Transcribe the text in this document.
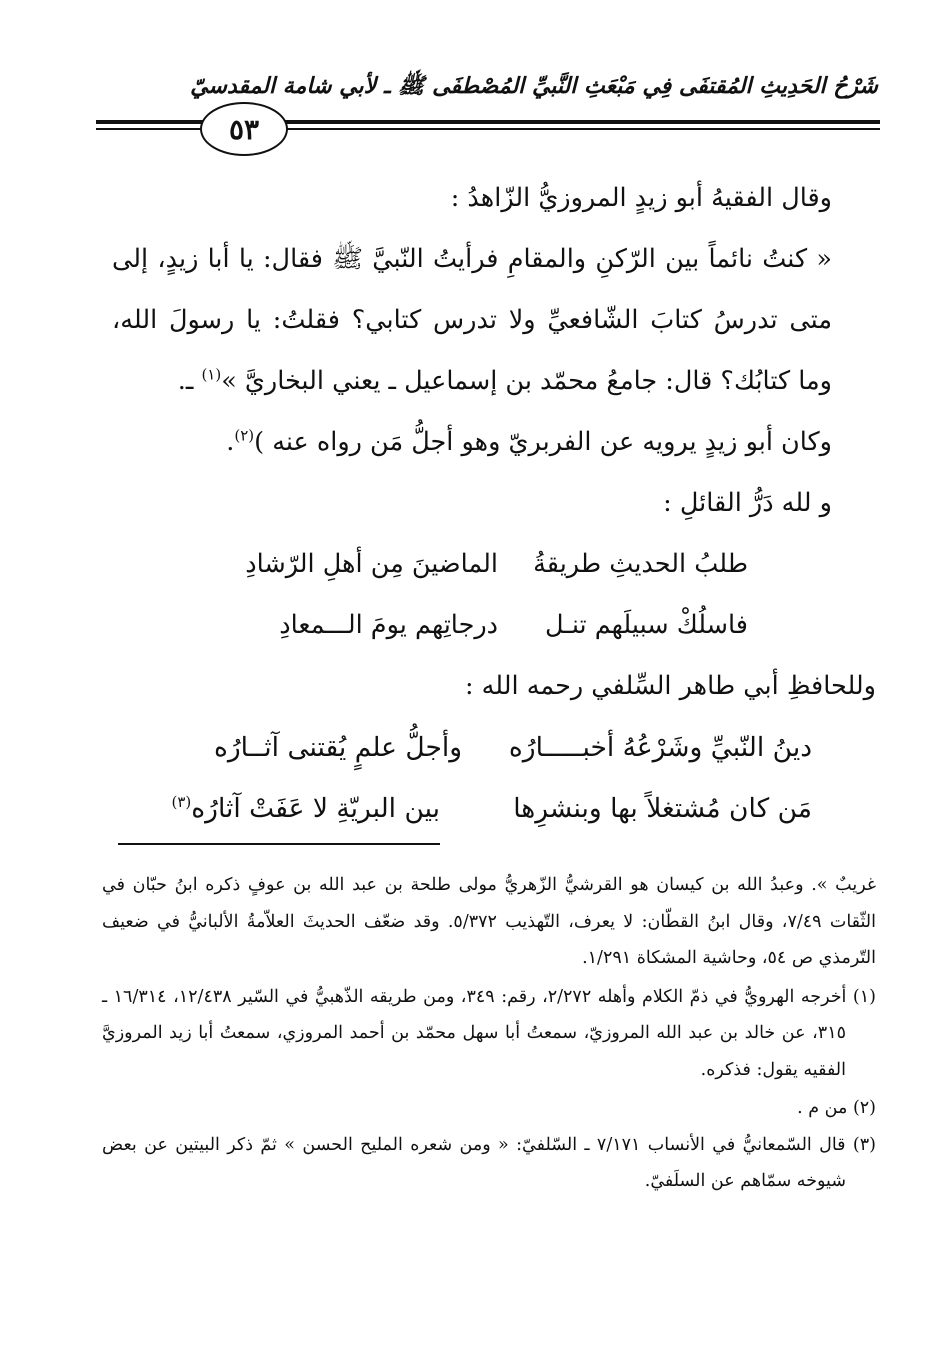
شَرْحُ الحَدِيثِ المُقتفَى فِي مَبْعَثِ النَّبيِّ المُصْطفَى ﷺ ـ لأبي شامة المقدسيّ
٥٣

وقال الفقيهُ أبو زيدٍ المروزيُّ الزّاهدُ :

« كنتُ نائماً بين الرّكنِ والمقامِ فرأيتُ النّبيَّ ﷺ فقال: يا أبا زيدٍ، إلى متى تدرسُ كتابَ الشّافعيِّ ولا تدرس كتابي؟ فقلتُ: يا رسولَ الله، وما كتابُك؟ قال: جامعُ محمّد بن إسماعيل ـ يعني البخاريَّ »$^{(١)}$ ـ.

وكان أبو زيدٍ يرويه عن الفربريّ وهو أجلُّ مَن رواه عنه )$^{(٢)}$.

و لله دَرُّ القائلِ :

طلبُ الحديثِ طريقةُ
الماضينَ مِن أهلِ الرّشادِ
فاسلُكْ سبيلَهم تنـل
درجاتِهم يومَ الـــمعادِ

وللحافظِ أبي طاهر السِّلفي رحمه الله :

دينُ النّبيِّ وشَرْعُهُ أخبـــــارُه
وأجلُّ علمٍ يُقتنى آثــارُه
مَن كان مُشتغلاً بها وبنشرِها
بين البريّةِ لا عَفَتْ آثارُه$^{(٣)}$

غريبٌ ». وعبدُ الله بن كيسان هو القرشيُّ الزّهريُّ مولى طلحة بن عبد الله بن عوفٍ ذكره ابنُ حبّان في الثّقات ٧/٤٩، وقال ابنُ القطّان: لا يعرف، التّهذيب ٥/٣٧٢. وقد ضعّف الحديثَ العلاّمةُ الألبانيُّ في ضعيف التّرمذي ص ٥٤، وحاشية المشكاة ١/٢٩١.

(١) أخرجه الهرويُّ في ذمّ الكلام وأهله ٢/٢٧٢، رقم: ٣٤٩، ومن طريقه الذّهبيُّ في السّير ١٢/٤٣٨، ١٦/٣١٤ ـ ٣١٥، عن خالد بن عبد الله المروزيّ، سمعتُ أبا سهل محمّد بن أحمد المروزي، سمعتُ أبا زيد المروزيَّ الفقيه يقول: فذكره.

(٢) من م .

(٣) قال السّمعانيُّ في الأنساب ٧/١٧١ ـ السّلفيّ: « ومن شعره المليح الحسن » ثمّ ذكر البيتين عن بعض شيوخه سمّاهم عن السلَفيّ.
